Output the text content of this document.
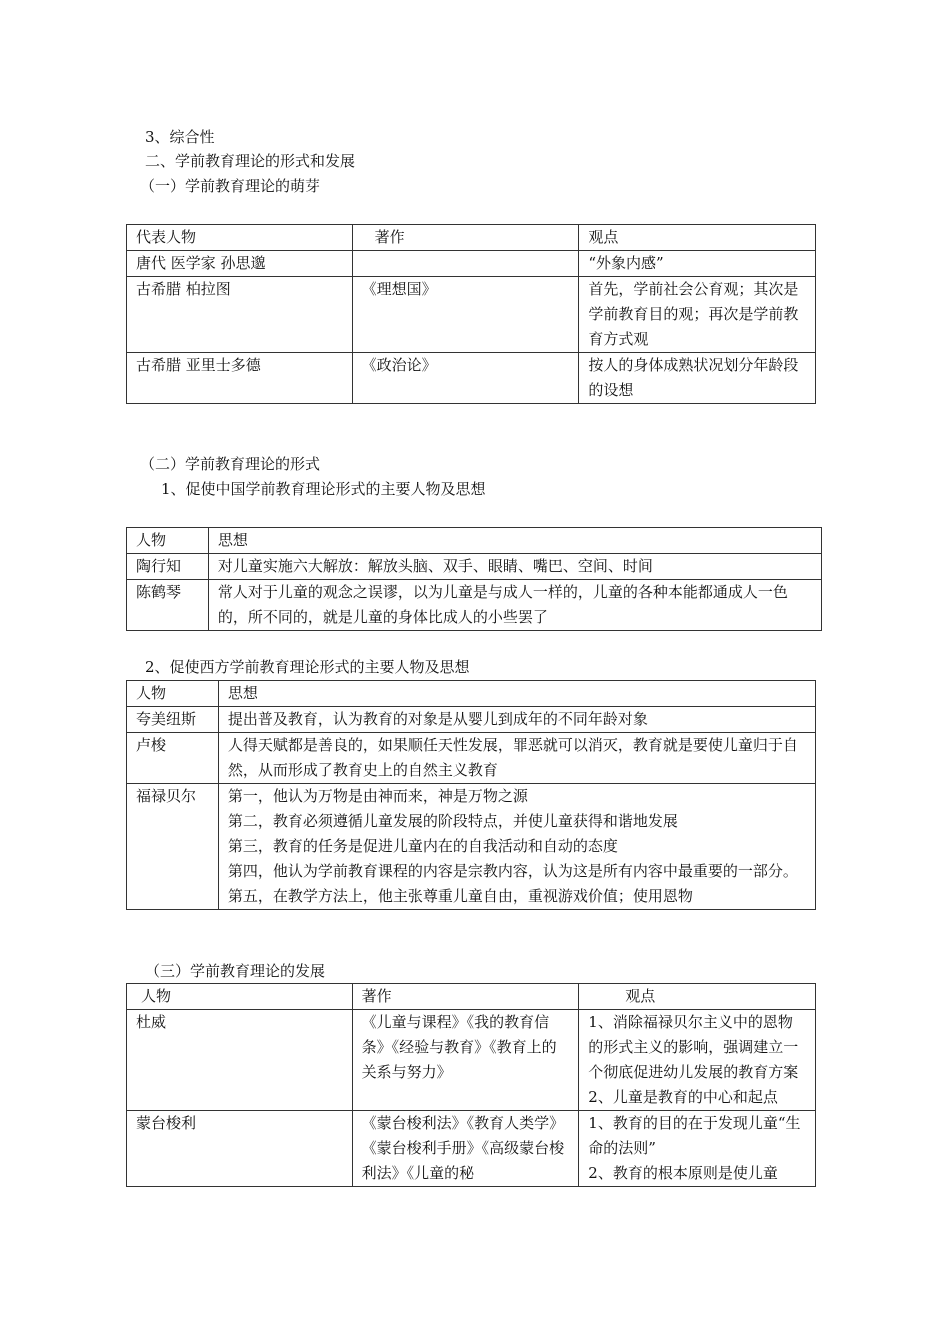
3、综合性
二、学前教育理论的形式和发展
（一）学前教育理论的萌芽
代表人物	著作	观点
唐代 医学家 孙思邈		“外象内感”
古希腊 柏拉图	《理想国》	首先，学前社会公育观；其次是学前教育目的观；再次是学前教育方式观
古希腊 亚里士多德	《政治论》	按人的身体成熟状况划分年龄段的设想
（二）学前教育理论的形式
1、促使中国学前教育理论形式的主要人物及思想
人物	思想
陶行知	对儿童实施六大解放：解放头脑、双手、眼睛、嘴巴、空间、时间
陈鹤琴	常人对于儿童的观念之误谬，以为儿童是与成人一样的，儿童的各种本能都通成人一色的，所不同的，就是儿童的身体比成人的小些罢了
2、促使西方学前教育理论形式的主要人物及思想
人物	思想
夸美纽斯	提出普及教育，认为教育的对象是从婴儿到成年的不同年龄对象
卢梭	人得天赋都是善良的，如果顺任天性发展，罪恶就可以消灭，教育就是要使儿童归于自然，从而形成了教育史上的自然主义教育
福禄贝尔	第一，他认为万物是由神而来，神是万物之源
第二，教育必须遵循儿童发展的阶段特点，并使儿童获得和谐地发展
第三，教育的任务是促进儿童内在的自我活动和自动的态度
第四，他认为学前教育课程的内容是宗教内容，认为这是所有内容中最重要的一部分。
第五，在教学方法上，他主张尊重儿童自由，重视游戏价值；使用恩物
（三）学前教育理论的发展
人物	著作	观点
杜威	《儿童与课程》《我的教育信条》《经验与教育》《教育上的关系与努力》	1、消除福禄贝尔主义中的恩物的形式主义的影响，强调建立一个彻底促进幼儿发展的教育方案
2、儿童是教育的中心和起点

蒙台梭利	《蒙台梭利法》《教育人类学》《蒙台梭利手册》《高级蒙台梭利法》《儿童的秘	1、教育的目的在于发现儿童“生命的法则”
2、教育的根本原则是使儿童
